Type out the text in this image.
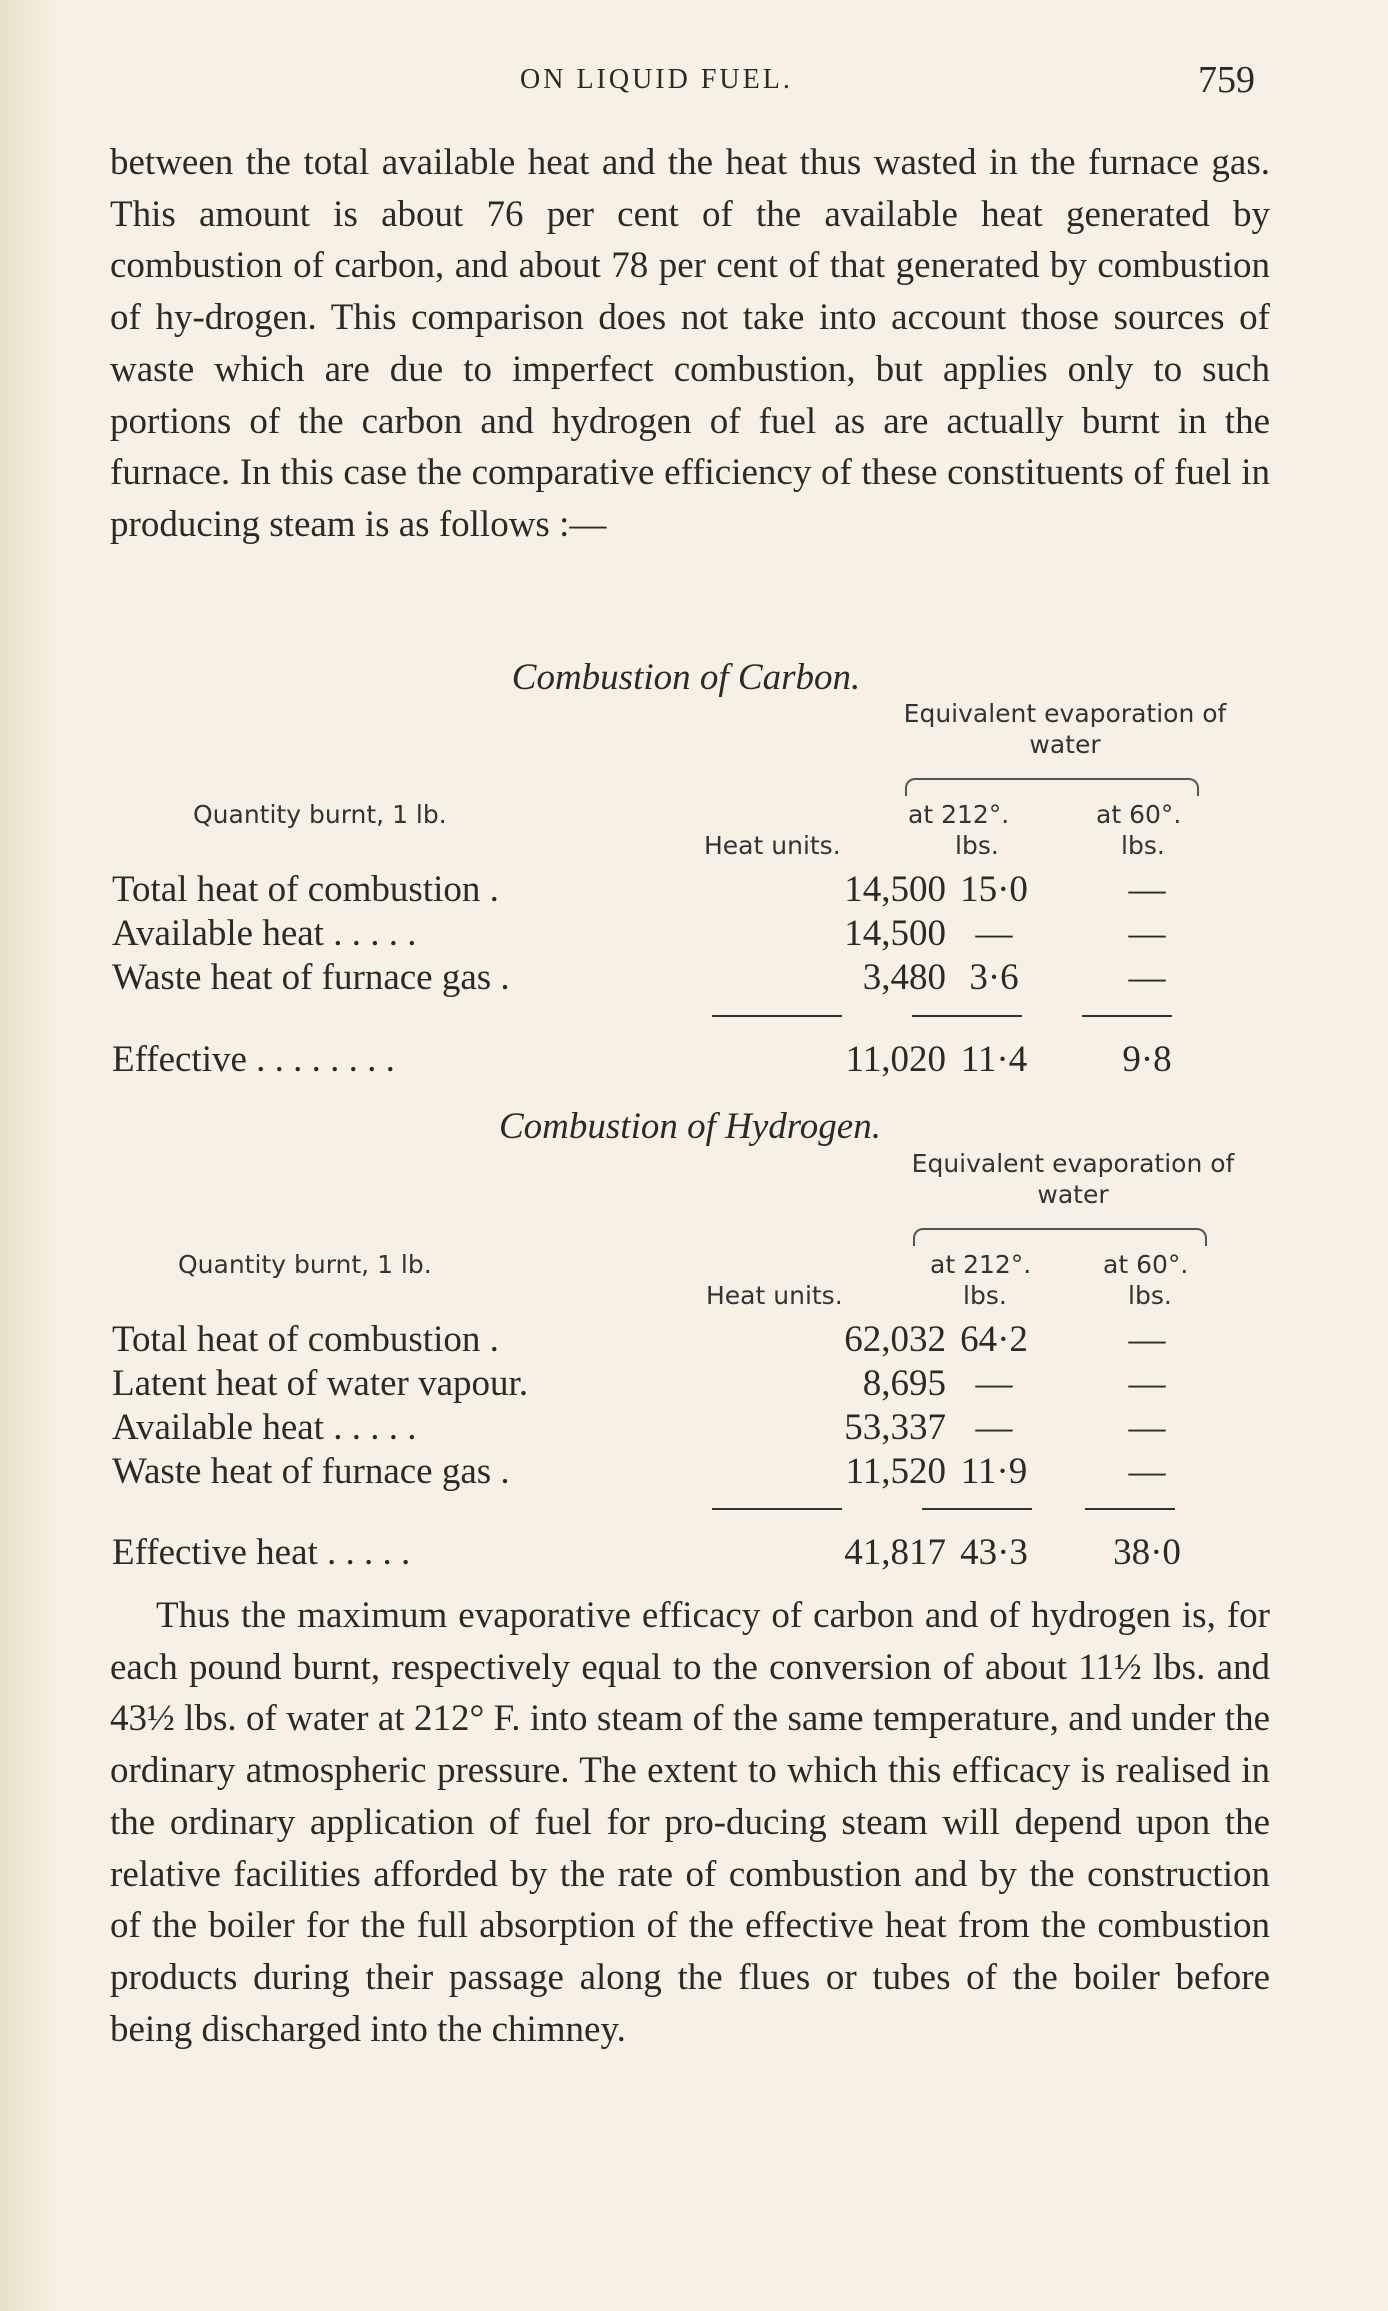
ON LIQUID FUEL.	759

between the total available heat and the heat thus wasted in the furnace gas. This amount is about 76 per cent of the available heat generated by combustion of carbon, and about 78 per cent of that generated by combustion of hy-drogen. This comparison does not take into account those sources of waste which are due to imperfect combustion, but applies only to such portions of the carbon and hydrogen of fuel as are actually burnt in the furnace. In this case the comparative efficiency of these constituents of fuel in producing steam is as follows :—

Combustion of Carbon.
Equivalent evaporation of water
Quantity burnt, 1 lb.	at 212°.	at 60°.
Heat units.	lbs.	lbs.
Total heat of combustion .	14,500 15·0	—
Available heat . . . . .	14,500 —	—
Waste heat of furnace gas .	3,480 3·6	—
Effective . . . . . . . .	11,020 11·4	9·8
Combustion of Hydrogen.
Equivalent evaporation of water
Quantity burnt, 1 lb.	at 212°.	at 60°.
Heat units.	lbs.	lbs.
Total heat of combustion .	62,032 64·2	—
Latent heat of water vapour.	8,695 —	—
Available heat . . . . .	53,337 —	—
Waste heat of furnace gas .	11,520 11·9	—
Effective heat . . . . .	41,817 43·3	38·0

Thus the maximum evaporative efficacy of carbon and of hydrogen is, for each pound burnt, respectively equal to the conversion of about 11½ lbs. and 43½ lbs. of water at 212° F. into steam of the same temperature, and under the ordinary atmospheric pressure. The extent to which this efficacy is realised in the ordinary application of fuel for pro-ducing steam will depend upon the relative facilities afforded by the rate of combustion and by the construction of the boiler for the full absorption of the effective heat from the combustion products during their passage along the flues or tubes of the boiler before being discharged into the chimney.
